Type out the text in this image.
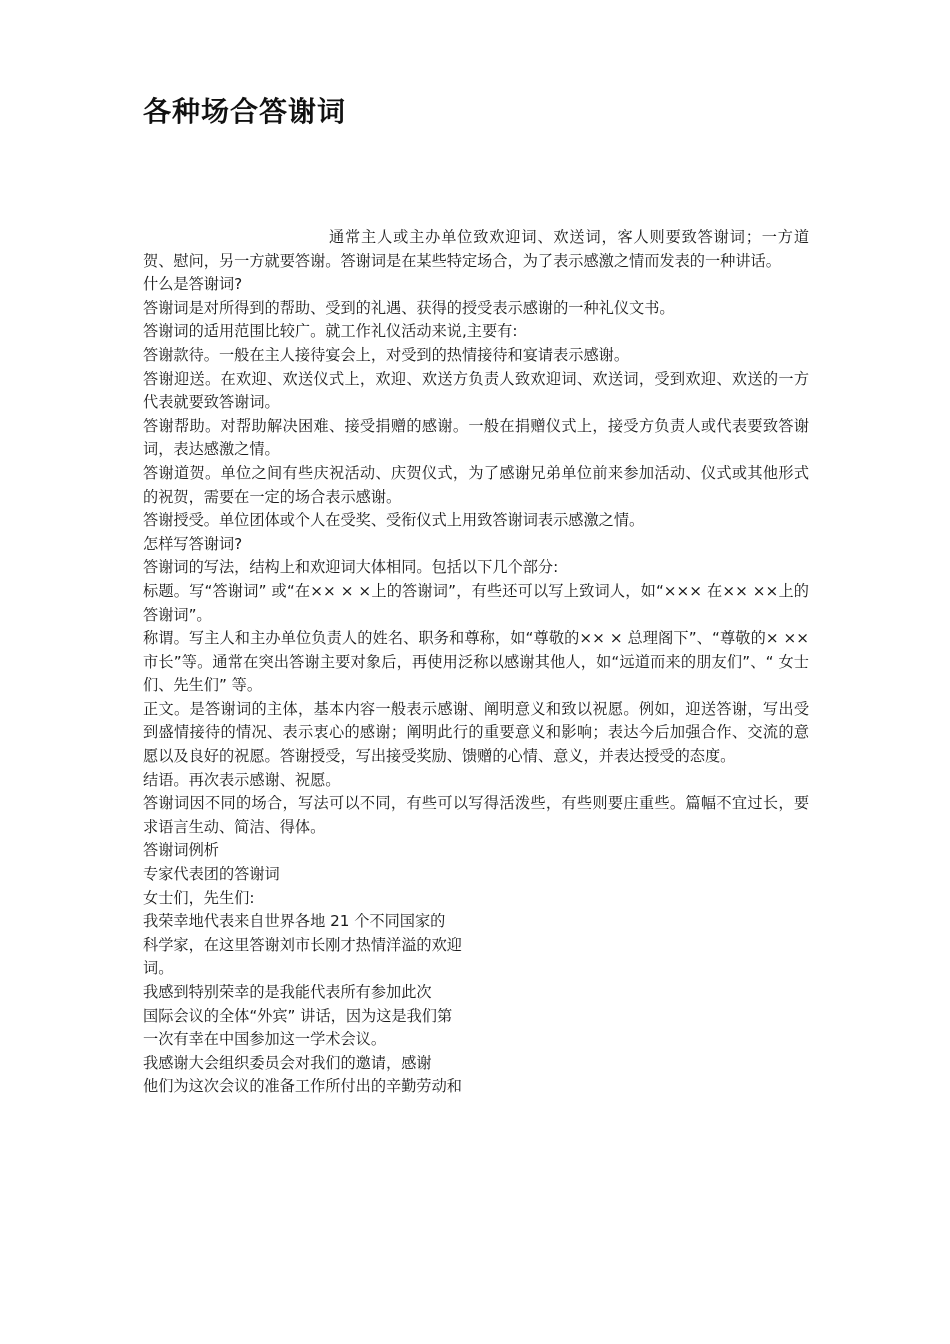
各种场合答谢词

通常主人或主办单位致欢迎词、欢送词，客人则要致答谢词；一方道贺、慰问，另一方就要答谢。答谢词是在某些特定场合，为了表示感激之情而发表的一种讲话。

什么是答谢词?

答谢词是对所得到的帮助、受到的礼遇、获得的授受表示感谢的一种礼仪文书。

答谢词的适用范围比较广。就工作礼仪活动来说,主要有:

答谢款待。一般在主人接待宴会上，对受到的热情接待和宴请表示感谢。

答谢迎送。在欢迎、欢送仪式上，欢迎、欢送方负责人致欢迎词、欢送词，受到欢迎、欢送的一方代表就要致答谢词。

答谢帮助。对帮助解决困难、接受捐赠的感谢。一般在捐赠仪式上，接受方负责人或代表要致答谢词，表达感激之情。

答谢道贺。单位之间有些庆祝活动、庆贺仪式，为了感谢兄弟单位前来参加活动、仪式或其他形式的祝贺，需要在一定的场合表示感谢。

答谢授受。单位团体或个人在受奖、受衔仪式上用致答谢词表示感激之情。

怎样写答谢词?

答谢词的写法，结构上和欢迎词大体相同。包括以下几个部分:

标题。写“答谢词” 或“在×× × ×上的答谢词”，有些还可以写上致词人，如“××× 在×× ××上的答谢词”。

称谓。写主人和主办单位负责人的姓名、职务和尊称，如“尊敬的×× × 总理阁下”、“尊敬的× ××市长”等。通常在突出答谢主要对象后，再使用泛称以感谢其他人，如“远道而来的朋友们”、“ 女士们、先生们” 等。

正文。是答谢词的主体，基本内容一般表示感谢、阐明意义和致以祝愿。例如，迎送答谢，写出受到盛情接待的情况、表示衷心的感谢；阐明此行的重要意义和影响；表达今后加强合作、交流的意愿以及良好的祝愿。答谢授受，写出接受奖励、馈赠的心情、意义，并表达授受的态度。

结语。再次表示感谢、祝愿。

答谢词因不同的场合，写法可以不同，有些可以写得活泼些，有些则要庄重些。篇幅不宜过长，要求语言生动、简洁、得体。

答谢词例析

专家代表团的答谢词

女士们，先生们:

我荣幸地代表来自世界各地 21 个不同国家的

科学家，在这里答谢刘市长刚才热情洋溢的欢迎

词。

我感到特别荣幸的是我能代表所有参加此次

国际会议的全体“外宾” 讲话，因为这是我们第

一次有幸在中国参加这一学术会议。

我感谢大会组织委员会对我们的邀请，感谢

他们为这次会议的准备工作所付出的辛勤劳动和
